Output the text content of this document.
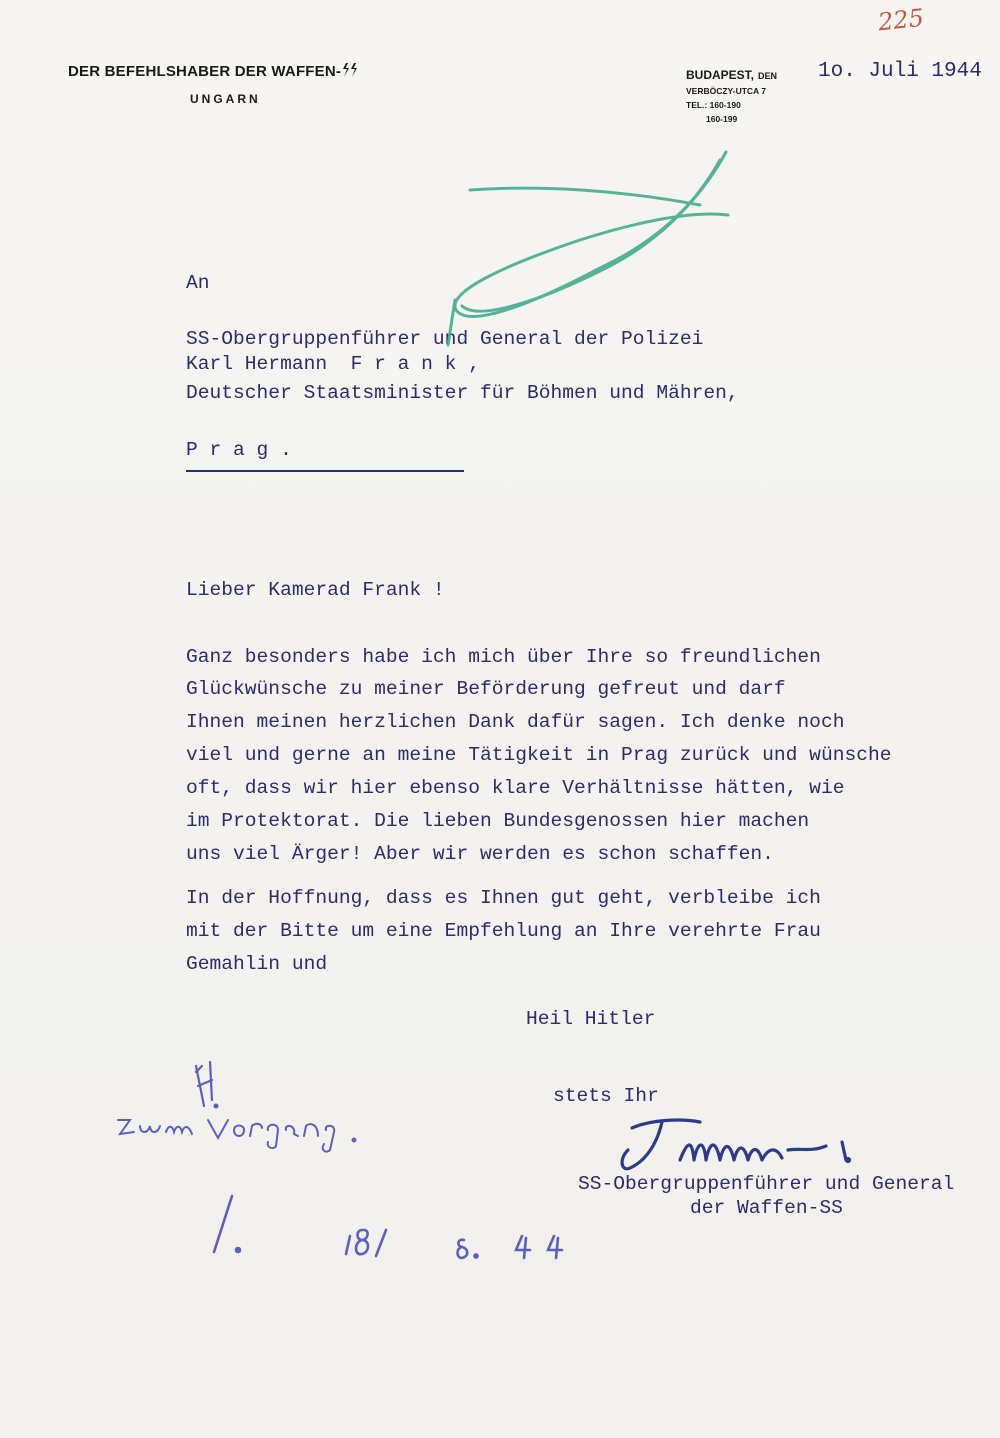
225
DER BEFEHLSHABER DER WAFFEN-
UNGARN
BUDAPEST, DEN
VERBÖCZY-UTCA 7
TEL.: 160-190
160-199
1o. Juli 1944
An
SS-Obergruppenführer und General der Polizei
Karl Hermann  F r a n k ,
Deutscher Staatsminister für Böhmen und Mähren,
P r a g .
Lieber Kamerad Frank !
Ganz besonders habe ich mich über Ihre so freundlichen
Glückwünsche zu meiner Beförderung gefreut und darf
Ihnen meinen herzlichen Dank dafür sagen. Ich denke noch
viel und gerne an meine Tätigkeit in Prag zurück und wünsche
oft, dass wir hier ebenso klare Verhältnisse hätten, wie
im Protektorat. Die lieben Bundesgenossen hier machen
uns viel Ärger! Aber wir werden es schon schaffen.
In der Hoffnung, dass es Ihnen gut geht, verbleibe ich
mit der Bitte um eine Empfehlung an Ihre verehrte Frau
Gemahlin und
Heil Hitler
stets Ihr
SS-Obergruppenführer und General
der Waffen-SS
